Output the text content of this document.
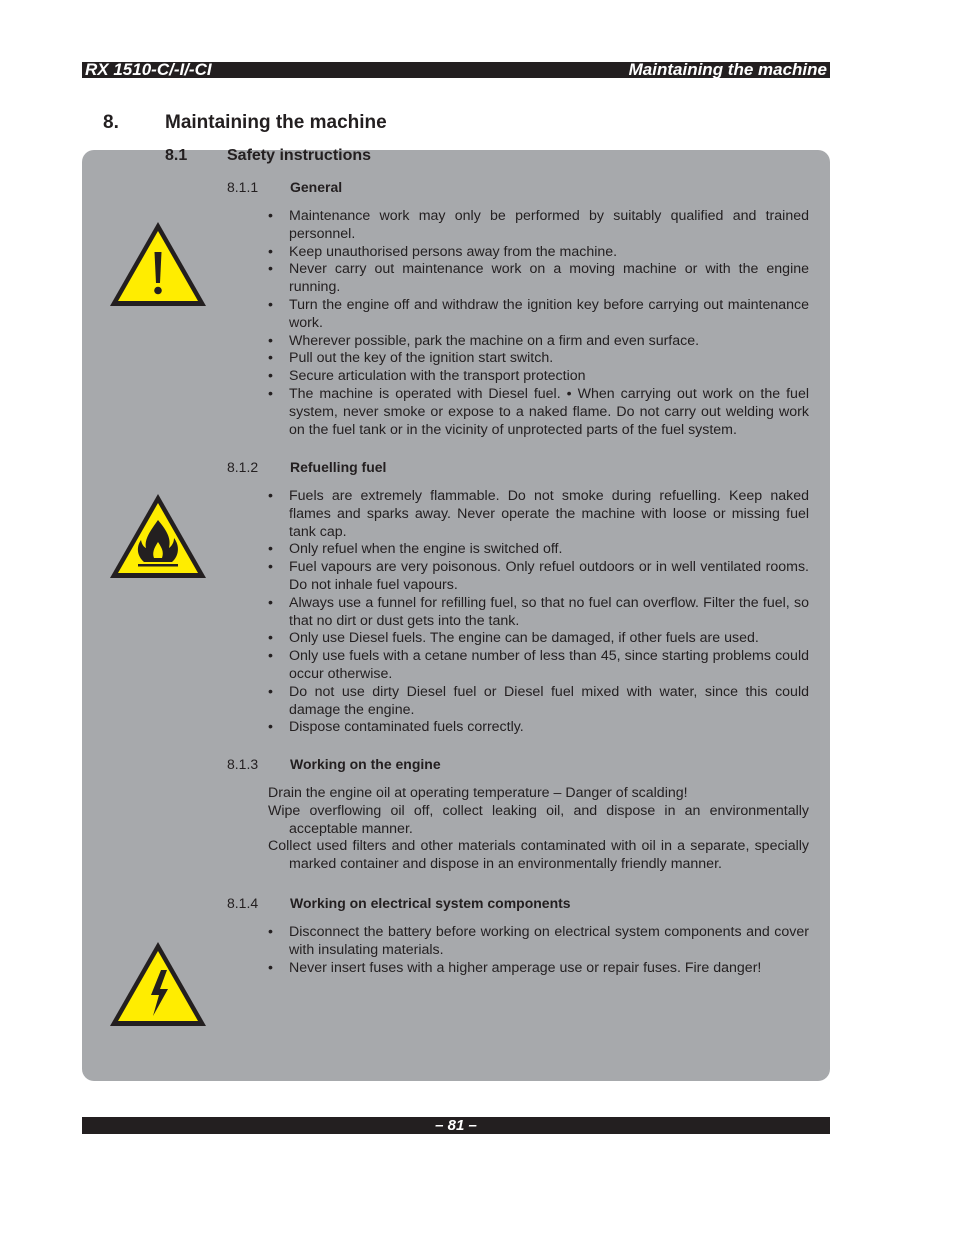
RX 1510-C/-I/-CI	Maintaining the machine
8. Maintaining the machine
8.1 Safety instructions
8.1.1 General
• Maintenance work may only be performed by suitably qualified and trained personnel.
• Keep unauthorised persons away from the machine.
• Never carry out maintenance work on a moving machine or with the engine running.
• Turn the engine off and withdraw the ignition key before carrying out maintenance work.
• Wherever possible, park the machine on a firm and even surface.
• Pull out the key of the ignition start switch.
• Secure articulation with the transport protection
• The machine is operated with Diesel fuel. • When carrying out work on the fuel system, never smoke or expose to a naked flame. Do not carry out welding work on the fuel tank or in the vicinity of unprotected parts of the fuel system.
8.1.2 Refuelling fuel
• Fuels are extremely flammable. Do not smoke during refuelling. Keep naked flames and sparks away. Never operate the machine with loose or missing fuel tank cap.
• Only refuel when the engine is switched off.
• Fuel vapours are very poisonous. Only refuel outdoors or in well ventilated rooms. Do not inhale fuel vapours.
• Always use a funnel for refilling fuel, so that no fuel can overflow. Filter the fuel, so that no dirt or dust gets into the tank.
• Only use Diesel fuels. The engine can be damaged, if other fuels are used.
• Only use fuels with a cetane number of less than 45, since starting problems could occur otherwise.
• Do not use dirty Diesel fuel or Diesel fuel mixed with water, since this could damage the engine.
• Dispose contaminated fuels correctly.
8.1.3 Working on the engine

Drain the engine oil at operating temperature – Danger of scalding!

Wipe overflowing oil off, collect leaking oil, and dispose in an environmentally acceptable manner.

Collect used filters and other materials contaminated with oil in a separate, specially marked container and dispose in an environmentally friendly manner.

8.1.4 Working on electrical system components
• Disconnect the battery before working on electrical system components and cover with insulating materials.
• Never insert fuses with a higher amperage use or repair fuses. Fire danger!
– 81 –
